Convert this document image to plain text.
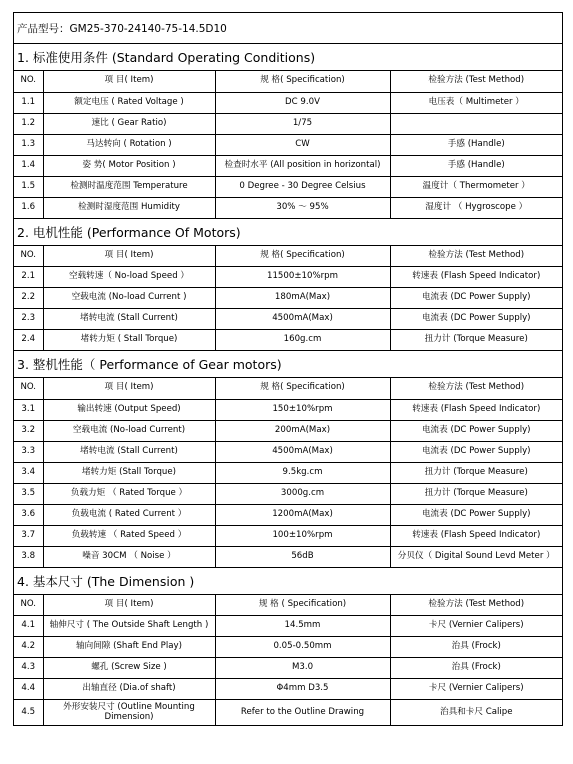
产品型号：GM25-370-24140-75-14.5D10
1. 标准使用条件 (Standard Operating Conditions)
NO.	项 目( Item)	规 格( Specification)	检验方法 (Test Method)
1.1	额定电压 ( Rated Voltage )	DC 9.0V	电压表（ Multimeter ）
1.2	速比 ( Gear Ratio)	1/75	
1.3	马达转向 ( Rotation )	CW	手感 (Handle)
1.4	姿 势( Motor Position )	检查时水平 (All position in horizontal)	手感 (Handle)
1.5	检测时温度范围 Temperature	0 Degree - 30 Degree Celsius	温度计（ Thermometer ）
1.6	检测时湿度范围 Humidity	30% ～ 95%	湿度计 （ Hygroscope ）
2. 电机性能 (Performance Of Motors)
NO.	项 目( Item)	规 格( Specification)	检验方法 (Test Method)
2.1	空载转速（ No-load Speed ）	11500±10%rpm	转速表 (Flash Speed Indicator)
2.2	空载电流 (No-load Current )	180mA(Max)	电流表 (DC Power Supply)
2.3	堵转电流 (Stall Current)	4500mA(Max)	电流表 (DC Power Supply)
2.4	堵转力矩 ( Stall Torque)	160g.cm	扭力计 (Torque Measure)
3. 整机性能（ Performance of Gear motors)
NO.	项 目( Item)	规 格( Specification)	检验方法 (Test Method)
3.1	输出转速 (Output Speed)	150±10%rpm	转速表 (Flash Speed Indicator)
3.2	空载电流 (No-load Current)	200mA(Max)	电流表 (DC Power Supply)
3.3	堵转电流 (Stall Current)	4500mA(Max)	电流表 (DC Power Supply)
3.4	堵转力矩 (Stall Torque)	9.5kg.cm	扭力计 (Torque Measure)
3.5	负载力矩 （ Rated Torque ）	3000g.cm	扭力计 (Torque Measure)
3.6	负载电流 ( Rated Current ）	1200mA(Max)	电流表 (DC Power Supply)
3.7	负载转速 （ Rated Speed ）	100±10%rpm	转速表 (Flash Speed Indicator)
3.8	噪音 30CM （ Noise ）	56dB	分贝仪（ Digital Sound Levd Meter ）
4. 基本尺寸 (The Dimension )
NO.	项 目( Item)	规 格 ( Specification)	检验方法 (Test Method)
4.1	轴伸尺寸 ( The Outside Shaft Length )	14.5mm	卡尺 (Vernier Calipers)
4.2	轴向间隙 (Shaft End Play)	0.05-0.50mm	治具 (Frock)
4.3	螺孔 (Screw Size )	M3.0	治具 (Frock)
4.4	出轴直径 (Dia.of shaft)	Φ4mm D3.5	卡尺 (Vernier Calipers)
4.5	外形安装尺寸 (Outline Mounting Dimension)	Refer to the Outline Drawing	治具和卡尺 Calipe
